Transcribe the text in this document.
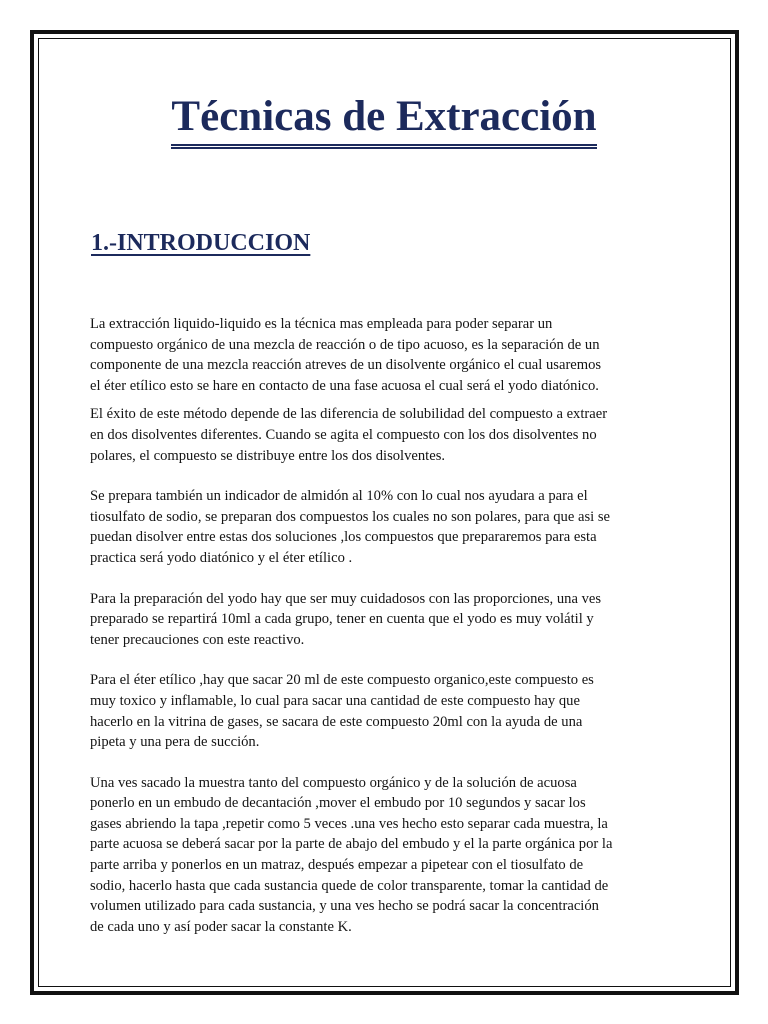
Técnicas de Extracción
1.-INTRODUCCION

La extracción liquido-liquido es la técnica mas empleada para poder separar un
compuesto orgánico de una mezcla de reacción o de tipo acuoso, es la separación de un
componente de una mezcla reacción atreves de un disolvente orgánico el cual usaremos
el éter etílico esto se hare en contacto de una fase acuosa el cual será el yodo diatónico.

El éxito de este método depende de las diferencia de solubilidad del compuesto a extraer
en dos disolventes diferentes. Cuando se agita el compuesto con los dos disolventes no
polares, el compuesto se distribuye entre los dos disolventes.

Se prepara también un indicador de almidón al 10% con lo cual nos ayudara a para el
tiosulfato de sodio, se preparan dos compuestos los cuales no son polares, para que asi se
puedan disolver entre estas dos soluciones ,los compuestos que prepararemos para esta
practica será yodo diatónico y el éter etílico .

Para la preparación del yodo hay que ser muy cuidadosos con las proporciones, una ves
preparado se repartirá 10ml a cada grupo, tener en cuenta que el yodo es muy volátil y
tener precauciones con este reactivo.

Para el éter etílico ,hay que sacar 20 ml de este compuesto organico,este compuesto es
muy toxico y inflamable, lo cual para sacar una cantidad de este compuesto hay que
hacerlo en la vitrina de gases, se sacara de este compuesto 20ml con la ayuda de una
pipeta y una pera de succión.

Una ves sacado la muestra tanto del compuesto orgánico y de la solución de acuosa
ponerlo en un embudo de decantación ,mover el embudo por 10 segundos y sacar los
gases abriendo la tapa ,repetir como 5 veces .una ves hecho esto separar cada muestra, la
parte acuosa se deberá sacar por la parte de abajo del embudo y el la parte orgánica por la
parte arriba y ponerlos en un matraz, después empezar a pipetear con el tiosulfato de
sodio, hacerlo hasta que cada sustancia quede de color transparente, tomar la cantidad de
volumen utilizado para cada sustancia, y una ves hecho se podrá sacar la concentración
de cada uno y así poder sacar la constante K.
